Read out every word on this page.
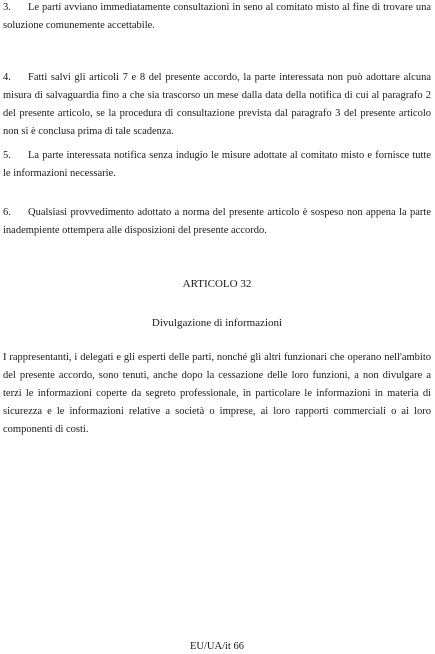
3. Le parti avviano immediatamente consultazioni in seno al comitato misto al fine di trovare una soluzione comunemente accettabile.

4. Fatti salvi gli articoli 7 e 8 del presente accordo, la parte interessata non può adottare alcuna misura di salvaguardia fino a che sia trascorso un mese dalla data della notifica di cui al paragrafo 2 del presente articolo, se la procedura di consultazione prevista dal paragrafo 3 del presente articolo non si è conclusa prima di tale scadenza.

5. La parte interessata notifica senza indugio le misure adottate al comitato misto e fornisce tutte le informazioni necessarie.

6. Qualsiasi provvedimento adottato a norma del presente articolo è sospeso non appena la parte inadempiente ottempera alle disposizioni del presente accordo.

ARTICOLO 32

Divulgazione di informazioni

I rappresentanti, i delegati e gli esperti delle parti, nonché gli altri funzionari che operano nell'ambito del presente accordo, sono tenuti, anche dopo la cessazione delle loro funzioni, a non divulgare a terzi le informazioni coperte da segreto professionale, in particolare le informazioni in materia di sicurezza e le informazioni relative a società o imprese, ai loro rapporti commerciali o ai loro componenti di costi.

EU/UA/it 66
